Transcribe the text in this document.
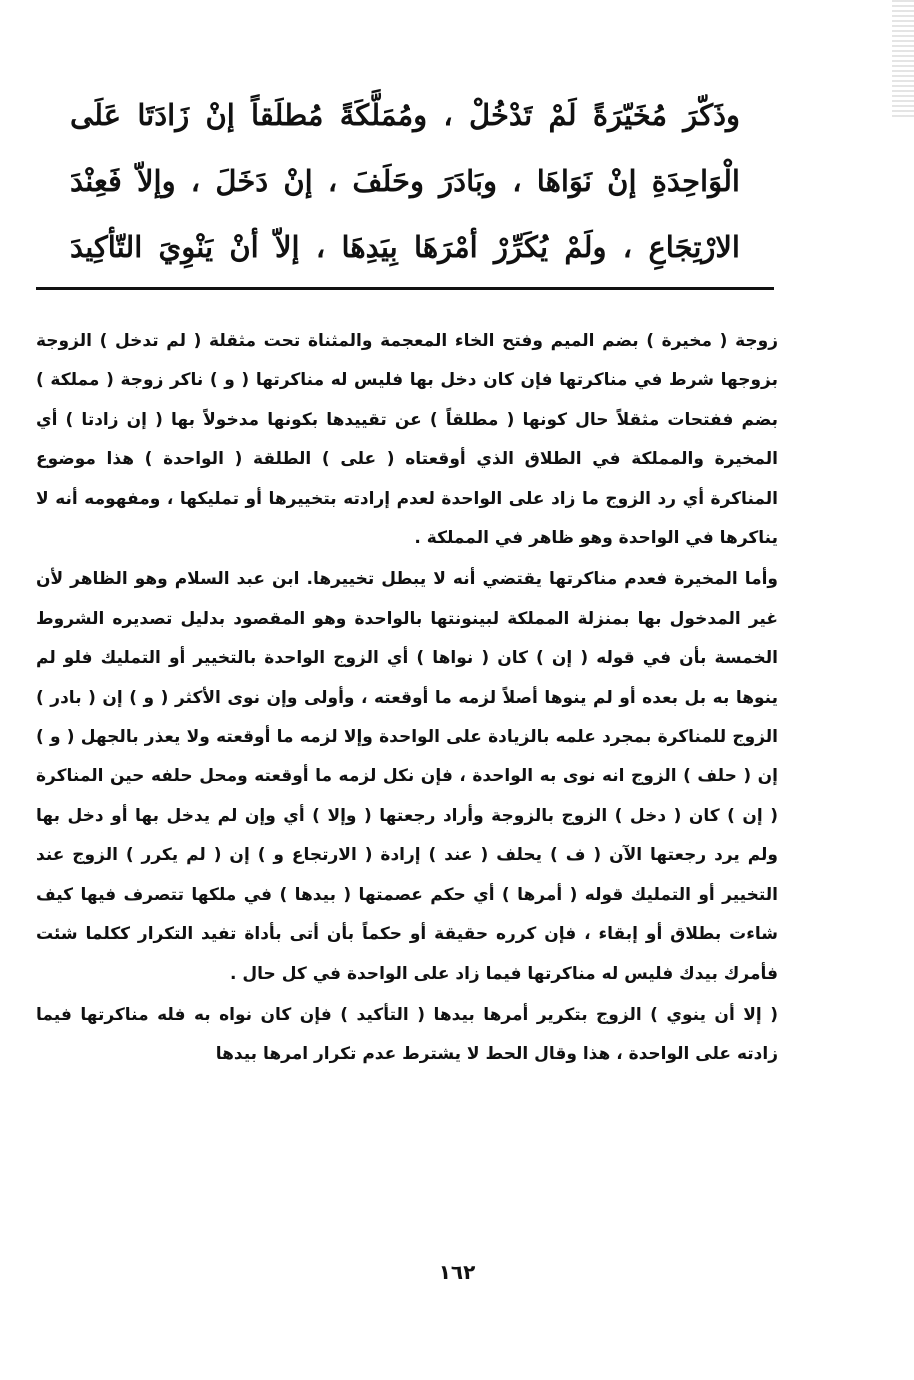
وذَكّرَ مُخَيّرَةً لَمْ تَدْخُلْ ، ومُمَلَّكَةً مُطلَقاً إنْ زَادَتَا عَلَى
الْوَاحِدَةِ إنْ نَوَاهَا ، وبَادَرَ وحَلَفَ ، إنْ دَخَلَ ، وإلاّ فَعِنْدَ
الارْتِجَاعِ ، ولَمْ يُكَرِّرْ أمْرَهَا بِيَدِهَا ، إلاّ أنْ يَنْوِيَ التّأكِيدَ

زوجة ( مخيرة ) بضم الميم وفتح الخاء المعجمة والمثناة تحت مثقلة ( لم تدخل ) الزوجة بزوجها شرط في مناكرتها فإن كان دخل بها فليس له مناكرتها ( و ) ناكر زوجة ( مملكة ) بضم ففتحات مثقلاً حال كونها ( مطلقاً ) عن تقييدها بكونها مدخولاً بها ( إن زادتا ) أي المخيرة والمملكة في الطلاق الذي أوقعتاه ( على ) الطلقة ( الواحدة ) هذا موضوع المناكرة أي رد الزوج ما زاد على الواحدة لعدم إرادته بتخييرها أو تمليكها ، ومفهومه أنه لا يناكرها في الواحدة وهو ظاهر في المملكة .

وأما المخيرة فعدم مناكرتها يقتضي أنه لا يبطل تخييرها. ابن عبد السلام وهو الظاهر لأن غير المدخول بها بمنزلة المملكة لبينونتها بالواحدة وهو المقصود بدليل تصديره الشروط الخمسة بأن في قوله ( إن ) كان ( نواها ) أي الزوج الواحدة بالتخيير أو التمليك فلو لم ينوها به بل بعده أو لم ينوها أصلاً لزمه ما أوقعته ، وأولى وإن نوى الأكثر ( و ) إن ( بادر ) الزوج للمناكرة بمجرد علمه بالزيادة على الواحدة وإلا لزمه ما أوقعته ولا يعذر بالجهل ( و ) إن ( حلف ) الزوج انه نوى به الواحدة ، فإن نكل لزمه ما أوقعته ومحل حلفه حين المناكرة ( إن ) كان ( دخل ) الزوج بالزوجة وأراد رجعتها ( وإلا ) أي وإن لم يدخل بها أو دخل بها ولم يرد رجعتها الآن ( ف ) يحلف ( عند ) إرادة ( الارتجاع و ) إن ( لم يكرر ) الزوج عند التخيير أو التمليك قوله ( أمرها ) أي حكم عصمتها ( بيدها ) في ملكها تتصرف فيها كيف شاءت بطلاق أو إبقاء ، فإن كرره حقيقة أو حكماً بأن أتى بأداة تفيد التكرار ككلما شئت فأمرك بيدك فليس له مناكرتها فيما زاد على الواحدة في كل حال .

( إلا أن ينوي ) الزوج بتكرير أمرها بيدها ( التأكيد ) فإن كان نواه به فله مناكرتها فيما زادته على الواحدة ، هذا وقال الحط لا يشترط عدم تكرار امرها بيدها

١٦٢
